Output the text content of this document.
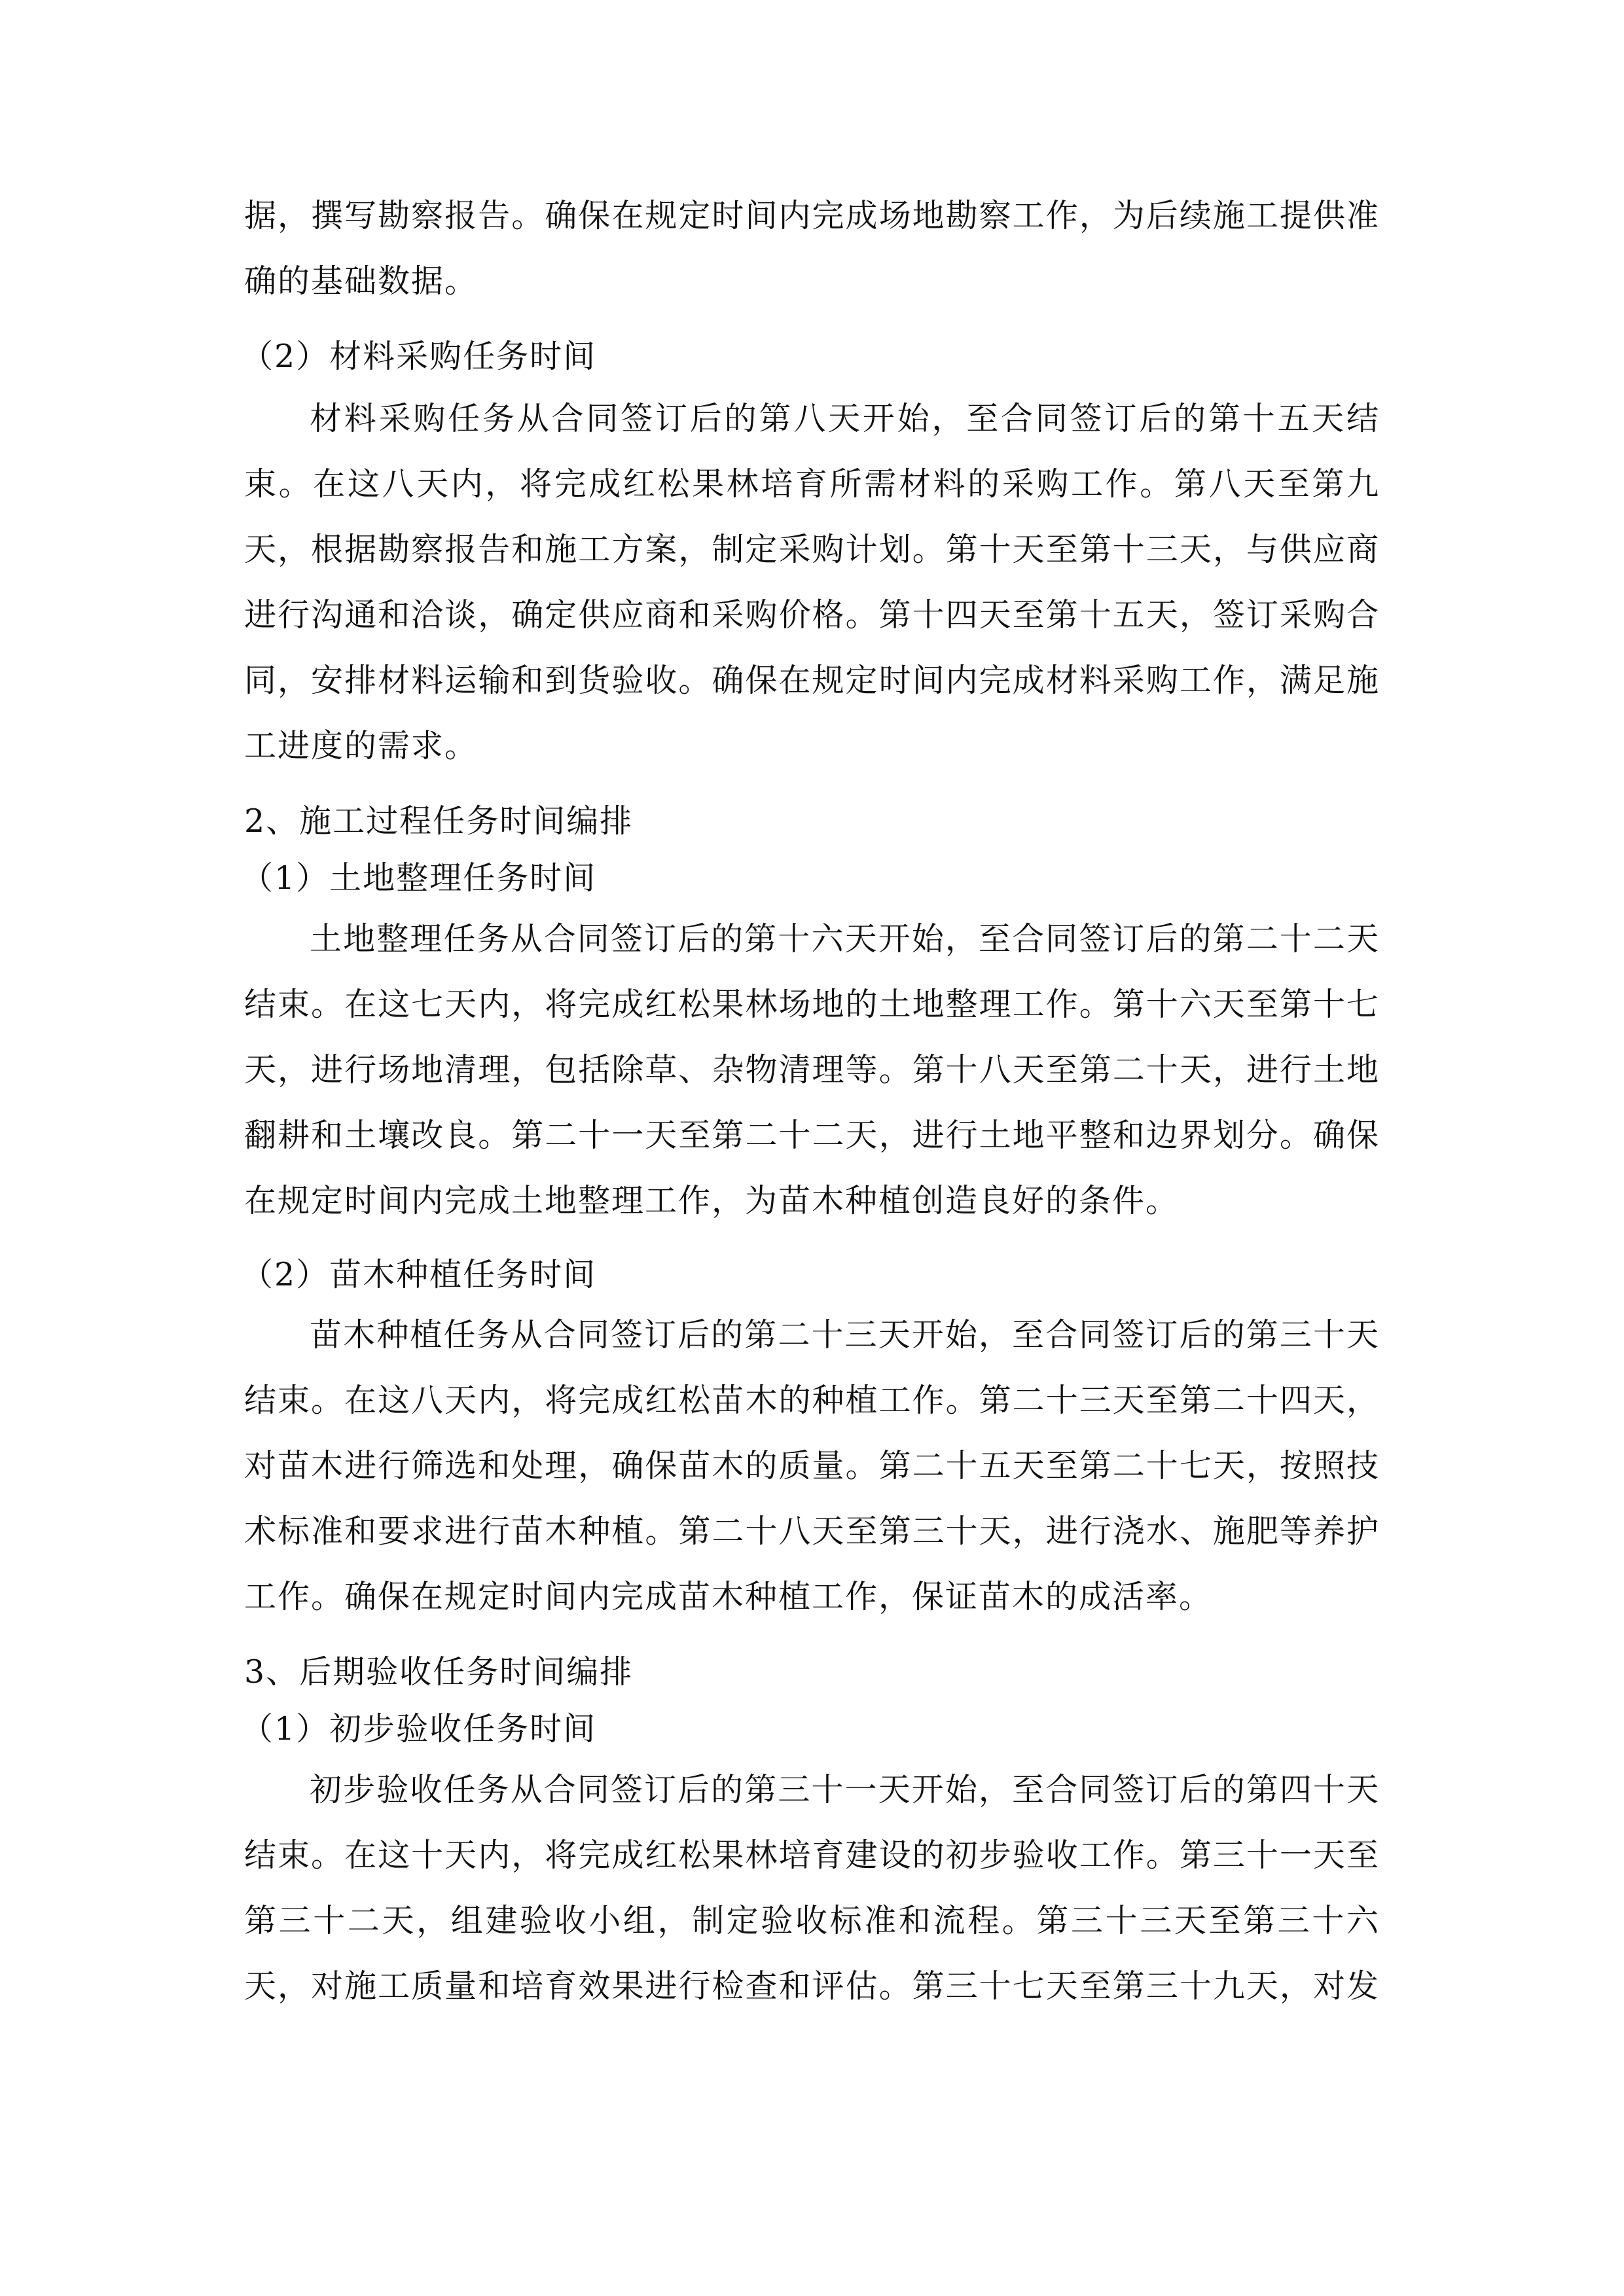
据，撰写勘察报告。确保在规定时间内完成场地勘察工作，为后续施工提供准
确的基础数据。
（2）材料采购任务时间
材料采购任务从合同签订后的第八天开始，至合同签订后的第十五天结
束。在这八天内，将完成红松果林培育所需材料的采购工作。第八天至第九
天，根据勘察报告和施工方案，制定采购计划。第十天至第十三天，与供应商
进行沟通和洽谈，确定供应商和采购价格。第十四天至第十五天，签订采购合
同，安排材料运输和到货验收。确保在规定时间内完成材料采购工作，满足施
工进度的需求。
2、施工过程任务时间编排
（1）土地整理任务时间
土地整理任务从合同签订后的第十六天开始，至合同签订后的第二十二天
结束。在这七天内，将完成红松果林场地的土地整理工作。第十六天至第十七
天，进行场地清理，包括除草、杂物清理等。第十八天至第二十天，进行土地
翻耕和土壤改良。第二十一天至第二十二天，进行土地平整和边界划分。确保
在规定时间内完成土地整理工作，为苗木种植创造良好的条件。
（2）苗木种植任务时间
苗木种植任务从合同签订后的第二十三天开始，至合同签订后的第三十天
结束。在这八天内，将完成红松苗木的种植工作。第二十三天至第二十四天，
对苗木进行筛选和处理，确保苗木的质量。第二十五天至第二十七天，按照技
术标准和要求进行苗木种植。第二十八天至第三十天，进行浇水、施肥等养护
工作。确保在规定时间内完成苗木种植工作，保证苗木的成活率。
3、后期验收任务时间编排
（1）初步验收任务时间
初步验收任务从合同签订后的第三十一天开始，至合同签订后的第四十天
结束。在这十天内，将完成红松果林培育建设的初步验收工作。第三十一天至
第三十二天，组建验收小组，制定验收标准和流程。第三十三天至第三十六
天，对施工质量和培育效果进行检查和评估。第三十七天至第三十九天，对发
